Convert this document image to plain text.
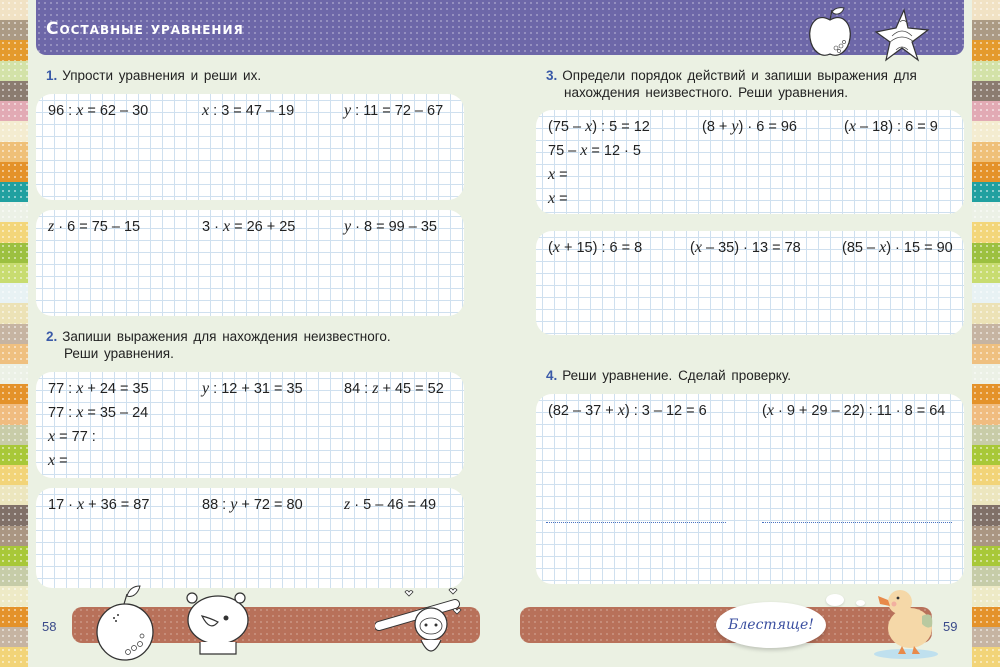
Составные уравнения
1. Упрости уравнения и реши их.
96 : x = 62 – 30	x : 3 = 47 – 19	y : 11 = 72 – 67
z · 6 = 75 – 15	3 · x = 26 + 25	y · 8 = 99 – 35
2. Запиши выражения для нахождения неизвестного.
Реши уравнения.
77 : x + 24 = 35	y : 12 + 31 = 35	84 : z + 45 = 52
77 : x = 35 – 24
x = 77 :
x =
17 · x + 36 = 87	88 : y + 72 = 80	z · 5 – 46 = 49
3. Определи порядок действий и запиши выражения для
нахождения неизвестного. Реши уравнения.
(75 – x) : 5 = 12	(8 + y) · 6 = 96	(x – 18) : 6 = 9
75 – x = 12 · 5
x =
x =
(x + 15) : 6 = 8	(x – 35) · 13 = 78	(85 – x) · 15 = 90
4. Реши уравнение. Сделай проверку.
(82 – 37 + x) : 3 – 12 = 6	(x · 9 + 29 – 22) : 11 · 8 = 64
58	Блестяще!	59
